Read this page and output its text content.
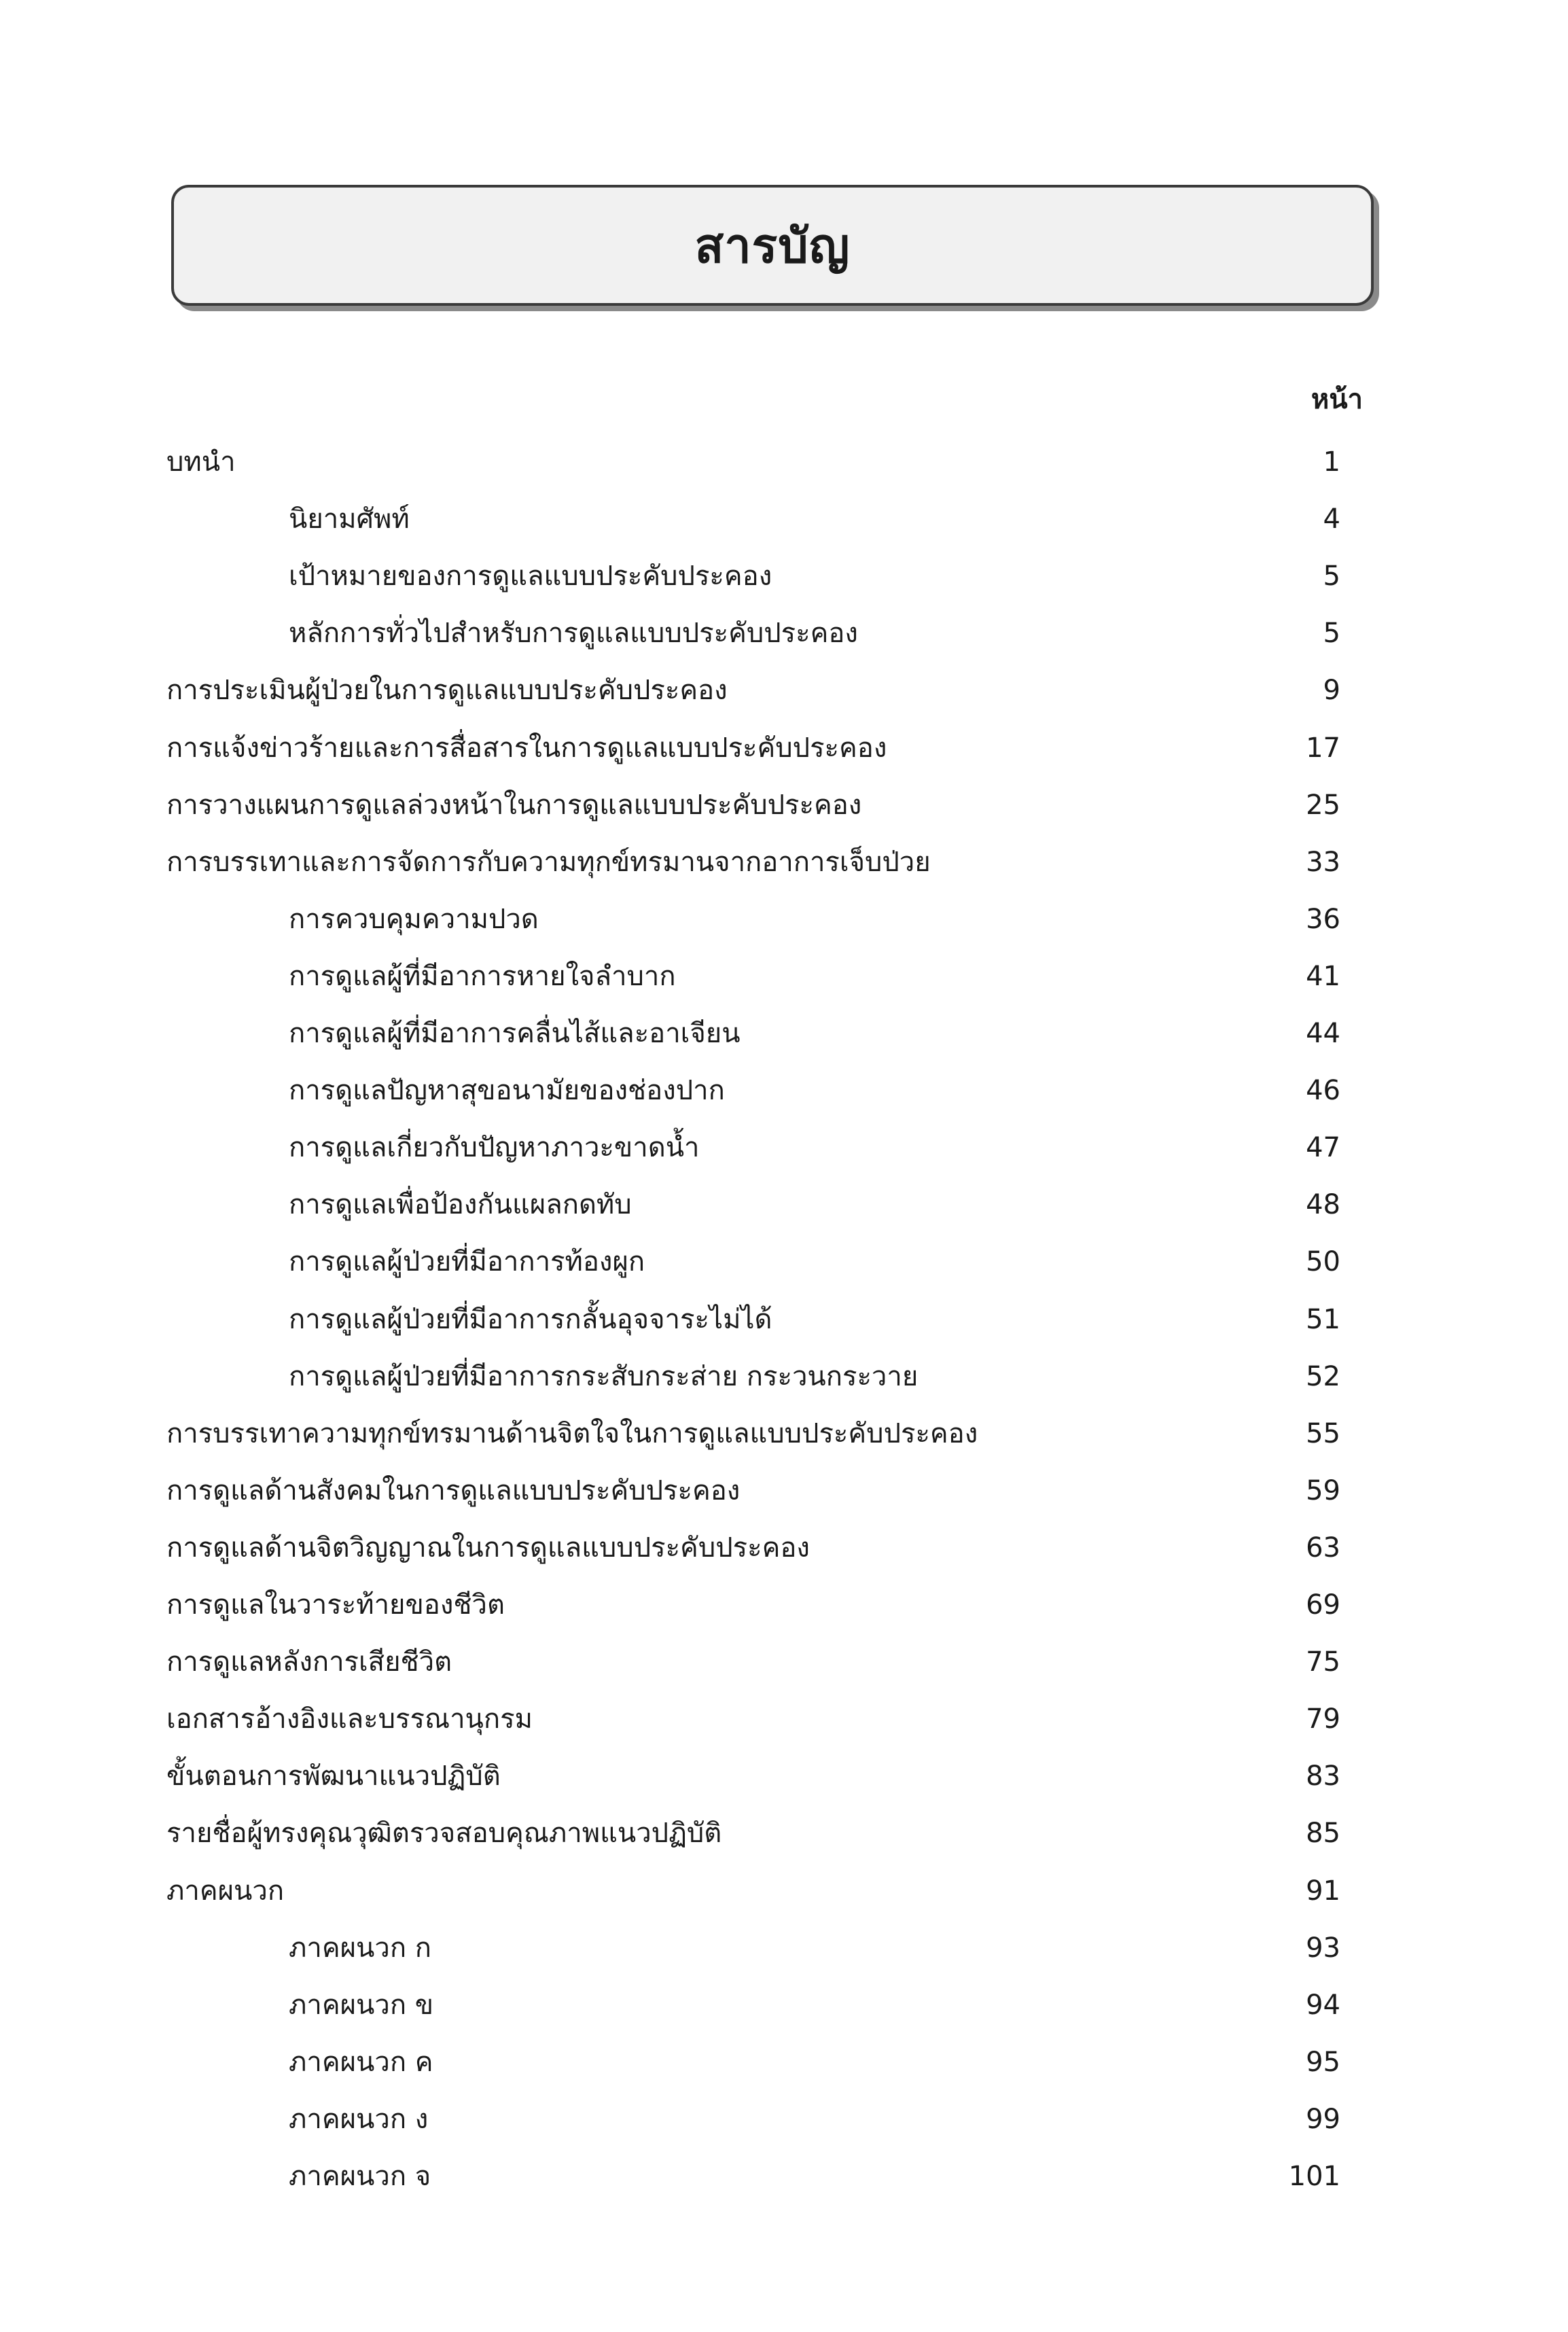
สารบัญ
หน้า
บทนำ	1
นิยามศัพท์	4
เป้าหมายของการดูแลแบบประคับประคอง	5
หลักการทั่วไปสำหรับการดูแลแบบประคับประคอง	5
การประเมินผู้ป่วยในการดูแลแบบประคับประคอง	9
การแจ้งข่าวร้ายและการสื่อสารในการดูแลแบบประคับประคอง	17
การวางแผนการดูแลล่วงหน้าในการดูแลแบบประคับประคอง	25
การบรรเทาและการจัดการกับความทุกข์ทรมานจากอาการเจ็บป่วย	33
การควบคุมความปวด	36
การดูแลผู้ที่มีอาการหายใจลำบาก	41
การดูแลผู้ที่มีอาการคลื่นไส้และอาเจียน	44
การดูแลปัญหาสุขอนามัยของช่องปาก	46
การดูแลเกี่ยวกับปัญหาภาวะขาดน้ำ	47
การดูแลเพื่อป้องกันแผลกดทับ	48
การดูแลผู้ป่วยที่มีอาการท้องผูก	50
การดูแลผู้ป่วยที่มีอาการกลั้นอุจจาระไม่ได้	51
การดูแลผู้ป่วยที่มีอาการกระสับกระส่าย กระวนกระวาย	52
การบรรเทาความทุกข์ทรมานด้านจิตใจในการดูแลแบบประคับประคอง	55
การดูแลด้านสังคมในการดูแลแบบประคับประคอง	59
การดูแลด้านจิตวิญญาณในการดูแลแบบประคับประคอง	63
การดูแลในวาระท้ายของชีวิต	69
การดูแลหลังการเสียชีวิต	75
เอกสารอ้างอิงและบรรณานุกรม	79
ขั้นตอนการพัฒนาแนวปฏิบัติ	83
รายชื่อผู้ทรงคุณวุฒิตรวจสอบคุณภาพแนวปฏิบัติ	85
ภาคผนวก	91
ภาคผนวก ก	93
ภาคผนวก ข	94
ภาคผนวก ค	95
ภาคผนวก ง	99
ภาคผนวก จ	101
